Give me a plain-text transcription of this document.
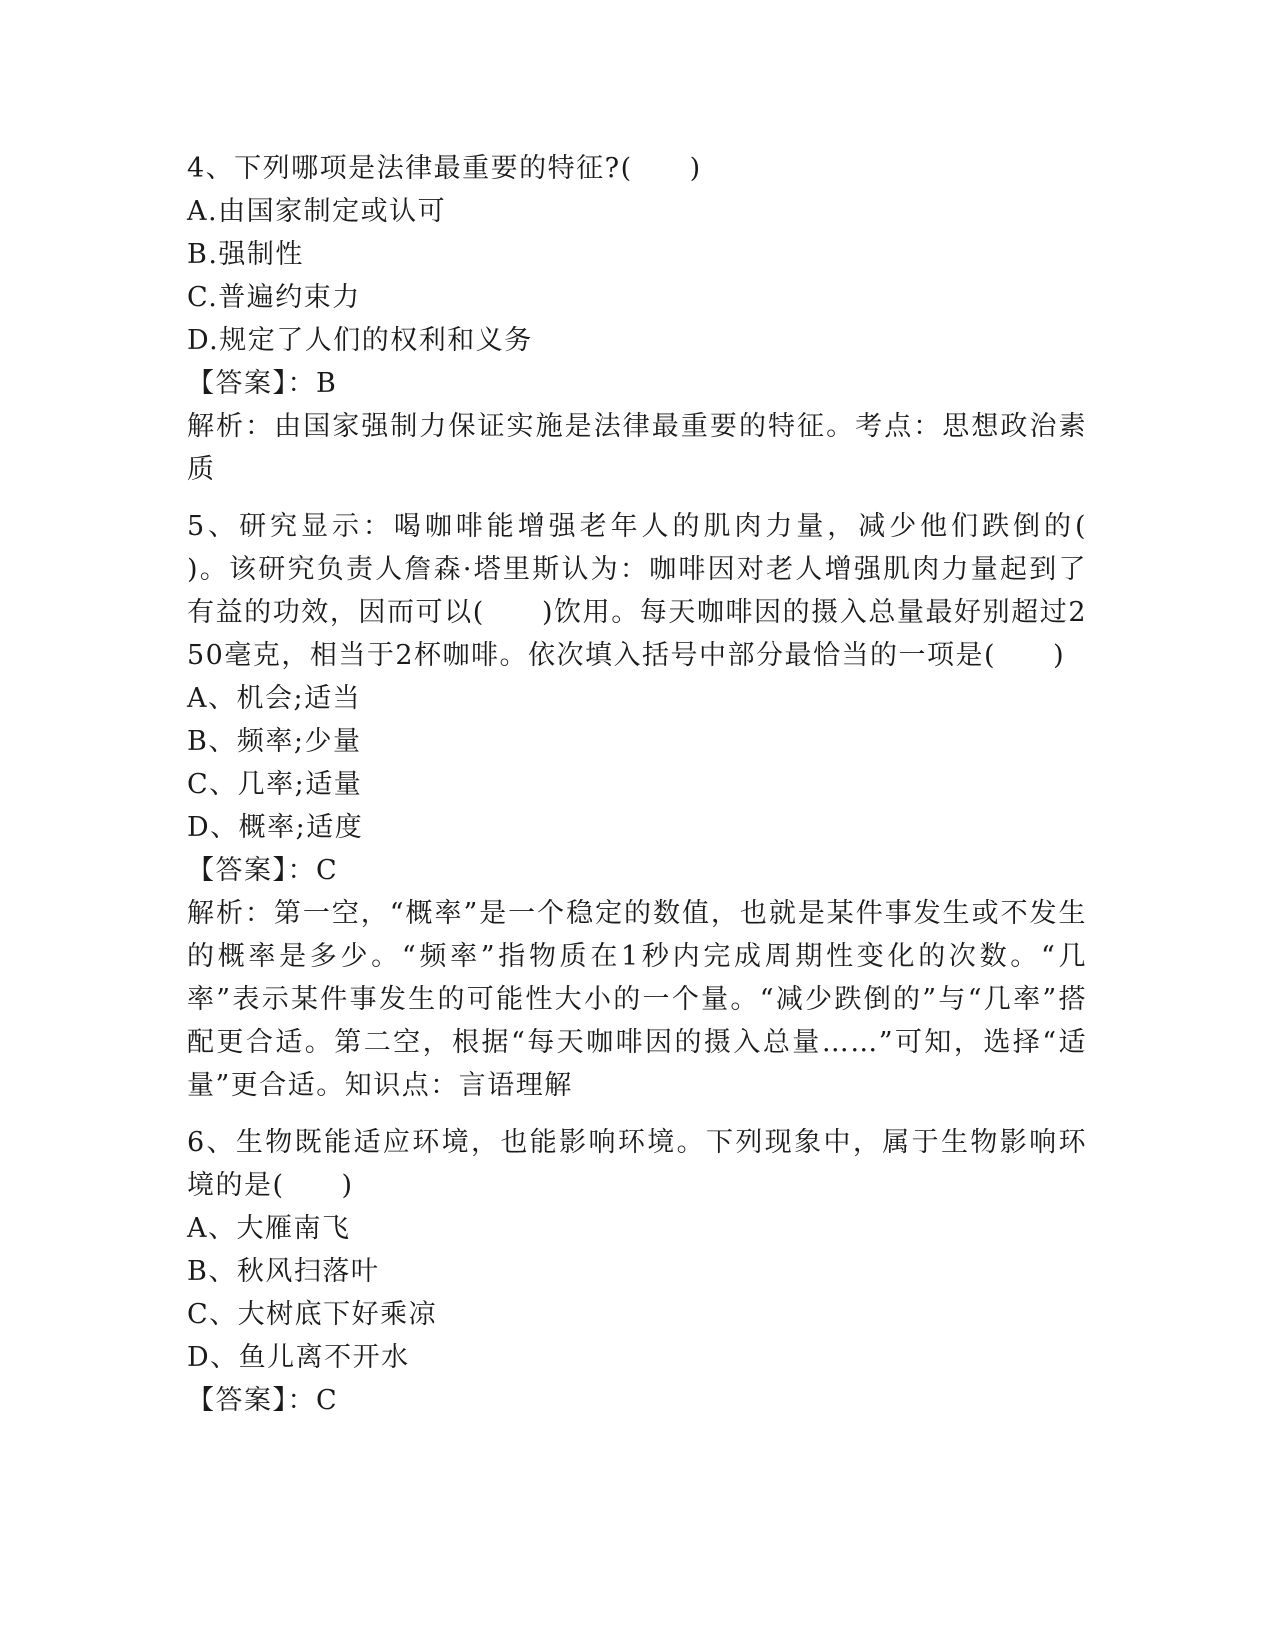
4、下列哪项是法律最重要的特征?(　　)
A.由国家制定或认可
B.强制性
C.普遍约束力
D.规定了人们的权利和义务
【答案】：B
解析：由国家强制力保证实施是法律最重要的特征。考点：思想政治素质
5、研究显示：喝咖啡能增强老年人的肌肉力量，减少他们跌倒的(　　)。该研究负责人詹森·塔里斯认为：咖啡因对老人增强肌肉力量起到了有益的功效，因而可以(　　)饮用。每天咖啡因的摄入总量最好别超过250毫克，相当于2杯咖啡。依次填入括号中部分最恰当的一项是(　　)
A、机会;适当
B、频率;少量
C、几率;适量
D、概率;适度
【答案】：C
解析：第一空，“概率”是一个稳定的数值，也就是某件事发生或不发生的概率是多少。“频率”指物质在1秒内完成周期性变化的次数。“几率”表示某件事发生的可能性大小的一个量。“减少跌倒的”与“几率”搭配更合适。第二空，根据“每天咖啡因的摄入总量……”可知，选择“适量”更合适。知识点：言语理解
6、生物既能适应环境，也能影响环境。下列现象中，属于生物影响环境的是(　　)
A、大雁南飞
B、秋风扫落叶
C、大树底下好乘凉
D、鱼儿离不开水
【答案】：C
